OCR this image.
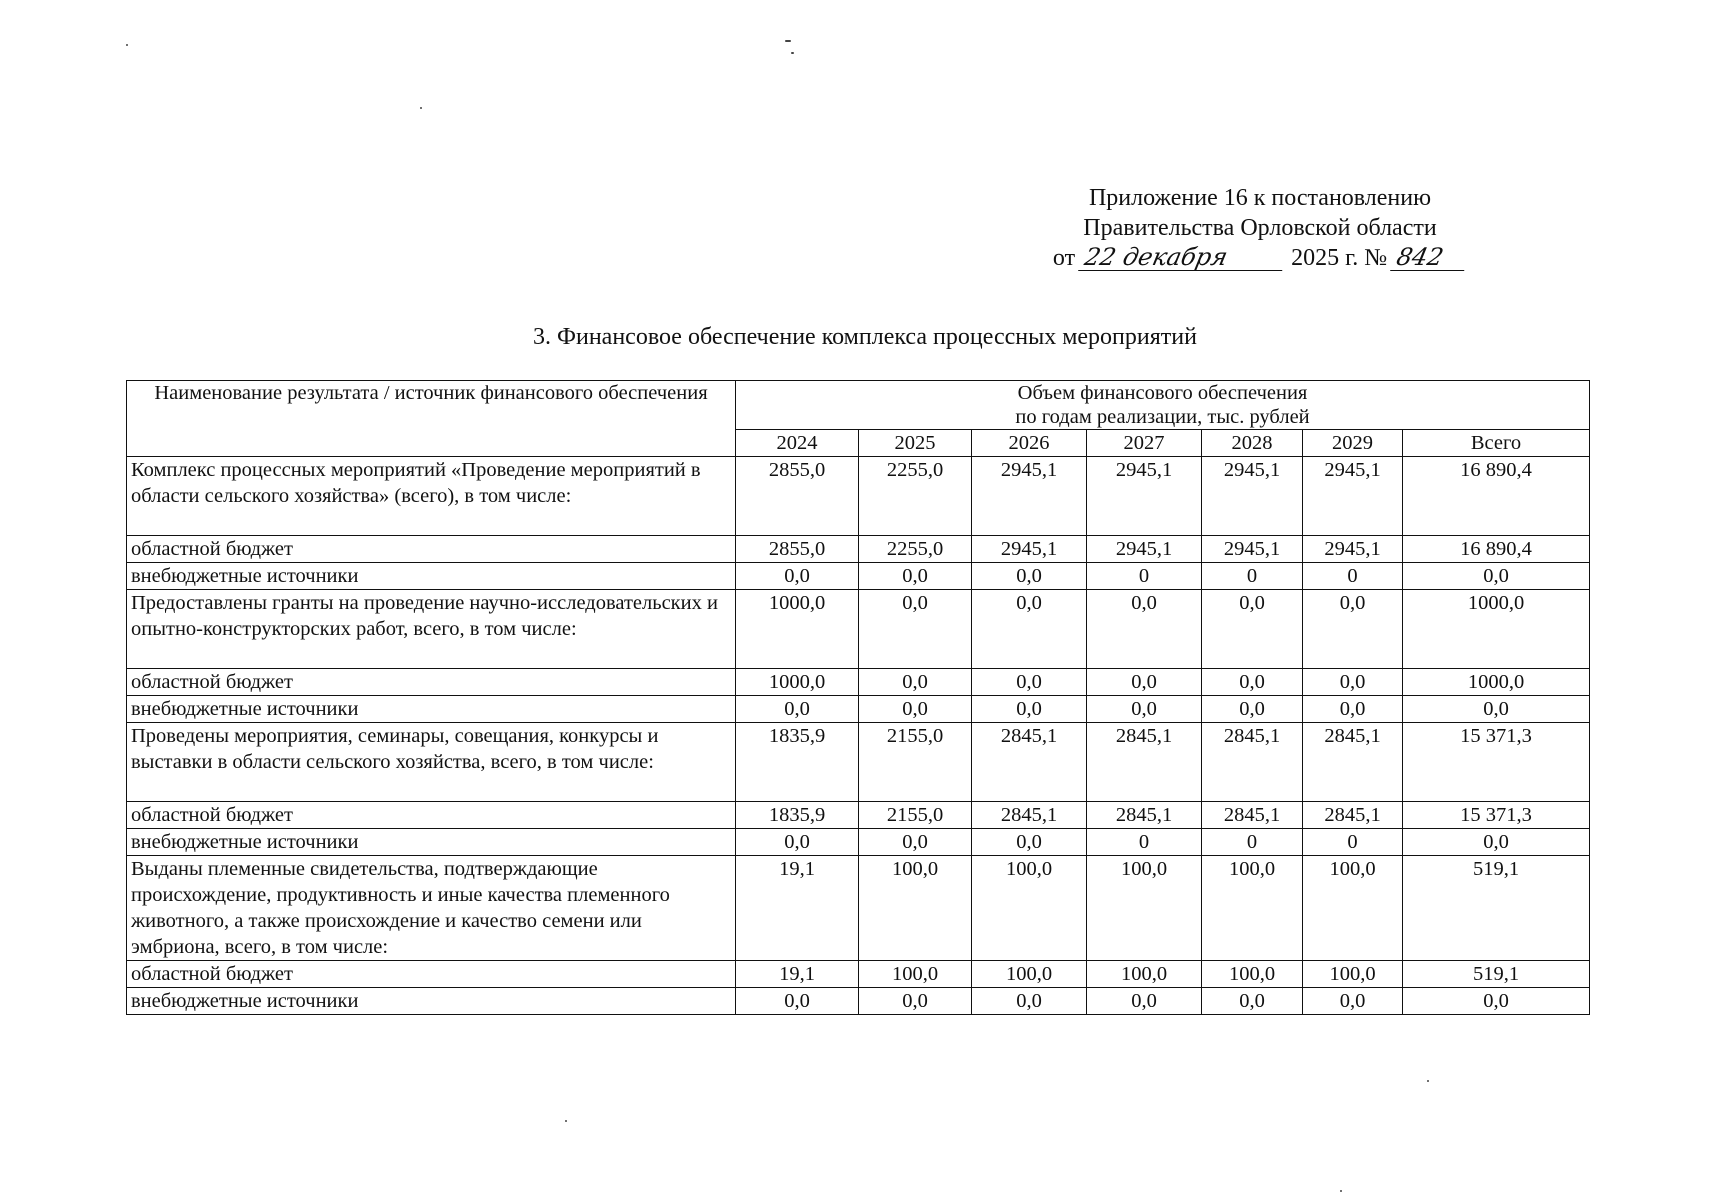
Приложение 16 к постановлению
Правительства Орловской области
от 22 декабря	2025 г. № 842
3. Финансовое обеспечение комплекса процессных мероприятий
Наименование результата / источник финансового обеспечения	Объем финансового обеспечения
по годам реализации, тыс. рублей						

	2024	2025	2026	2027	2028	2029	Всего
Комплекс процессных мероприятий «Проведение мероприятий в области сельского хозяйства» (всего), в том числе:	2855,0	2255,0	2945,1	2945,1	2945,1	2945,1	16 890,4
областной бюджет	2855,0	2255,0	2945,1	2945,1	2945,1	2945,1	16 890,4
внебюджетные источники	0,0	0,0	0,0	0	0	0	0,0
Предоставлены гранты на проведение научно-исследовательских и опытно-конструкторских работ, всего, в том числе:	1000,0	0,0	0,0	0,0	0,0	0,0	1000,0
областной бюджет	1000,0	0,0	0,0	0,0	0,0	0,0	1000,0
внебюджетные источники	0,0	0,0	0,0	0,0	0,0	0,0	0,0
Проведены мероприятия, семинары, совещания, конкурсы и выставки в области сельского хозяйства, всего, в том числе:	1835,9	2155,0	2845,1	2845,1	2845,1	2845,1	15 371,3
областной бюджет	1835,9	2155,0	2845,1	2845,1	2845,1	2845,1	15 371,3
внебюджетные источники	0,0	0,0	0,0	0	0	0	0,0
Выданы племенные свидетельства, подтверждающие происхождение, продуктивность и иные качества племенного животного, а также происхождение и качество семени или эмбриона, всего, в том числе:	19,1	100,0	100,0	100,0	100,0	100,0	519,1
областной бюджет	19,1	100,0	100,0	100,0	100,0	100,0	519,1
внебюджетные источники	0,0	0,0	0,0	0,0	0,0	0,0	0,0
